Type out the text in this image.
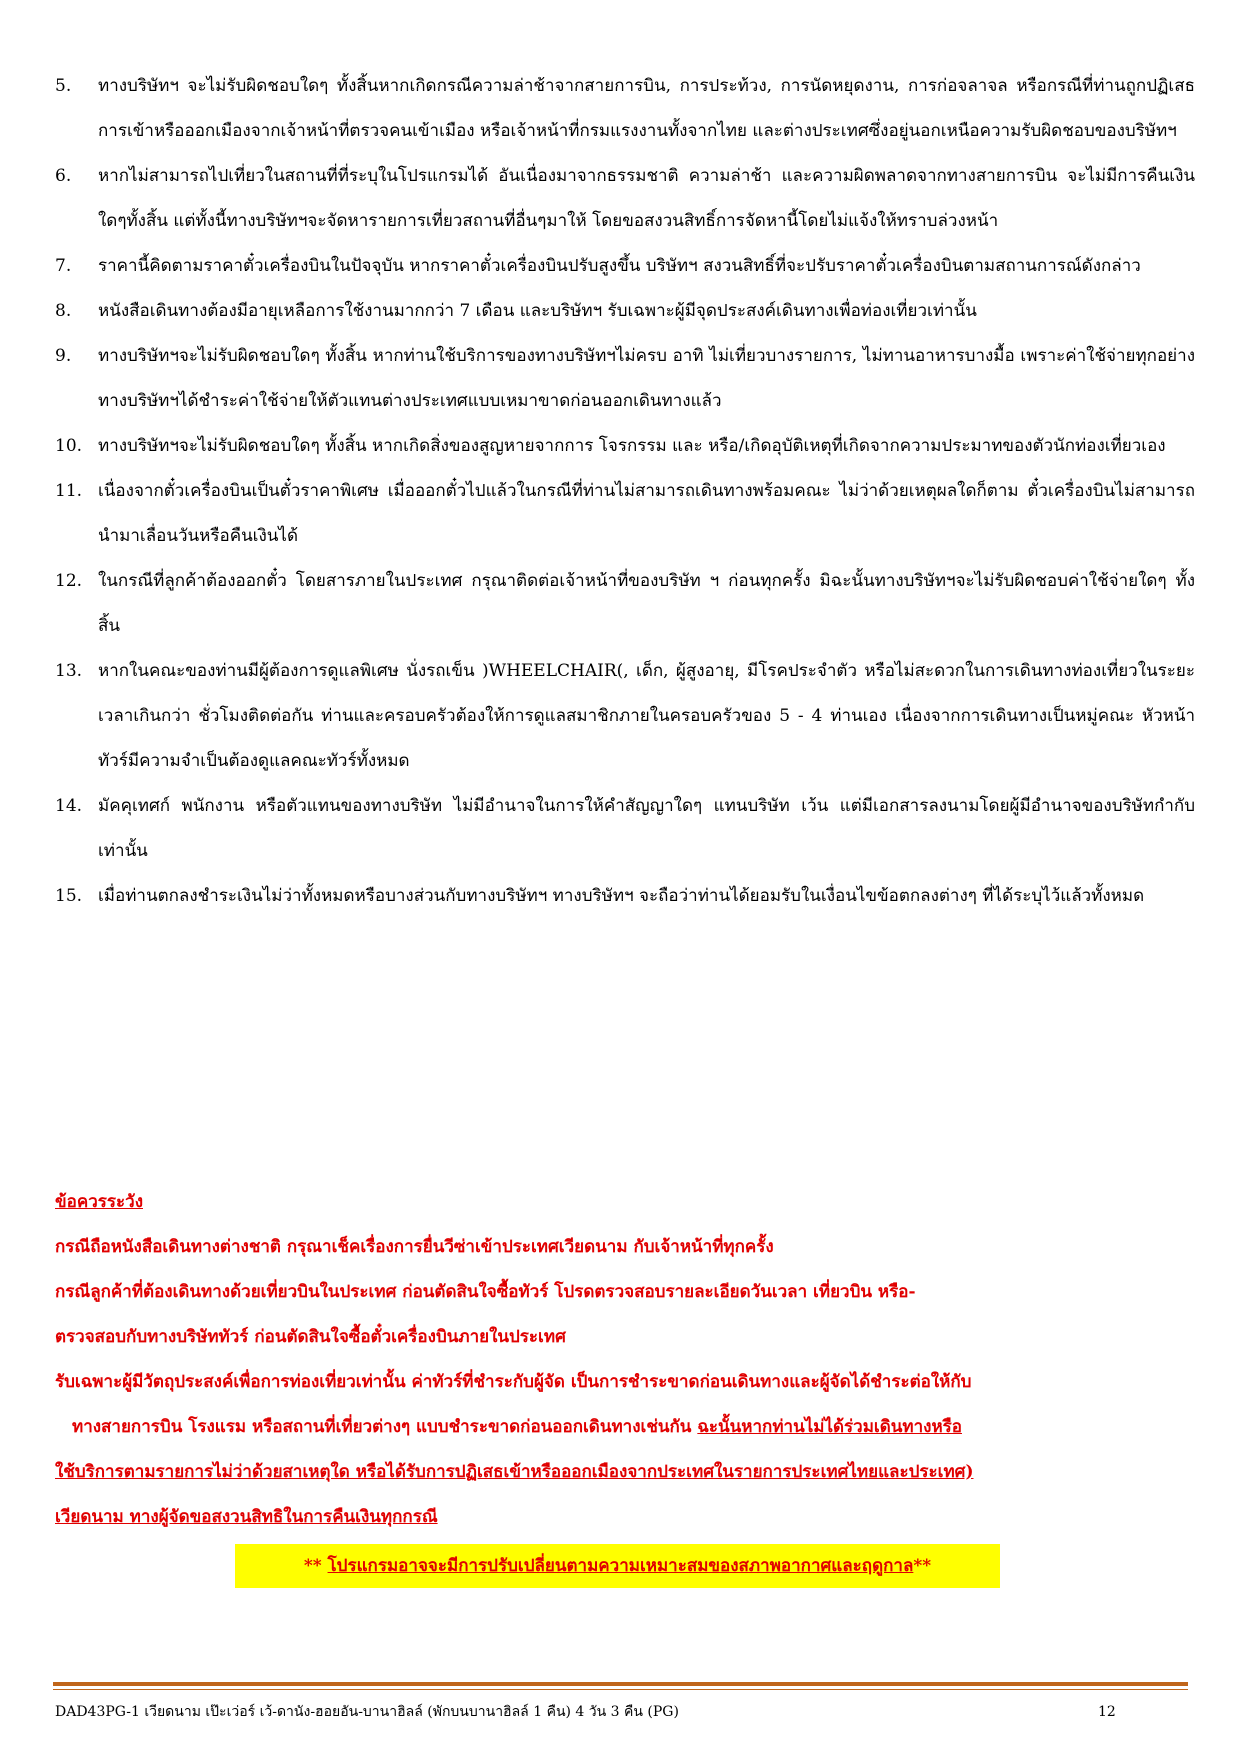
5.	ทางบริษัทฯ จะไม่รับผิดชอบใดๆ ทั้งสิ้นหากเกิดกรณีความล่าช้าจากสายการบิน, การประท้วง, การนัดหยุดงาน, การก่อจลาจล หรือกรณีที่ท่านถูกปฏิเสธ การเข้าหรือออกเมืองจากเจ้าหน้าที่ตรวจคนเข้าเมือง หรือเจ้าหน้าที่กรมแรงงานทั้งจากไทย และต่างประเทศซึ่งอยู่นอกเหนือความรับผิดชอบของบริษัทฯ
6.	หากไม่สามารถไปเที่ยวในสถานที่ที่ระบุในโปรแกรมได้ อันเนื่องมาจากธรรมชาติ ความล่าช้า และความผิดพลาดจากทางสายการบิน จะไม่มีการคืนเงินใดๆทั้งสิ้น แต่ทั้งนี้ทางบริษัทฯจะจัดหารายการเที่ยวสถานที่อื่นๆมาให้ โดยขอสงวนสิทธิ์การจัดหานี้โดยไม่แจ้งให้ทราบล่วงหน้า
7.	ราคานี้คิดตามราคาตั๋วเครื่องบินในปัจจุบัน หากราคาตั๋วเครื่องบินปรับสูงขึ้น บริษัทฯ สงวนสิทธิ์ที่จะปรับราคาตั๋วเครื่องบินตามสถานการณ์ดังกล่าว
8.	หนังสือเดินทางต้องมีอายุเหลือการใช้งานมากกว่า 7 เดือน และบริษัทฯ รับเฉพาะผู้มีจุดประสงค์เดินทางเพื่อท่องเที่ยวเท่านั้น
9.	ทางบริษัทฯจะไม่รับผิดชอบใดๆ ทั้งสิ้น หากท่านใช้บริการของทางบริษัทฯไม่ครบ อาทิ ไม่เที่ยวบางรายการ, ไม่ทานอาหารบางมื้อ เพราะค่าใช้จ่ายทุกอย่าง ทางบริษัทฯได้ชำระค่าใช้จ่ายให้ตัวแทนต่างประเทศแบบเหมาขาดก่อนออกเดินทางแล้ว
10. ทางบริษัทฯจะไม่รับผิดชอบใดๆ ทั้งสิ้น หากเกิดสิ่งของสูญหายจากการ โจรกรรม และ หรือ/เกิดอุบัติเหตุที่เกิดจากความประมาทของตัวนักท่องเที่ยวเอง
11. เนื่องจากตั๋วเครื่องบินเป็นตั๋วราคาพิเศษ เมื่อออกตั๋วไปแล้วในกรณีที่ท่านไม่สามารถเดินทางพร้อมคณะ ไม่ว่าด้วยเหตุผลใดก็ตาม ตั๋วเครื่องบินไม่สามารถนำมาเลื่อนวันหรือคืนเงินได้
12. ในกรณีที่ลูกค้าต้องออกตั๋ว โดยสารภายในประเทศ กรุณาติดต่อเจ้าหน้าที่ของบริษัท ฯ ก่อนทุกครั้ง มิฉะนั้นทางบริษัทฯจะไม่รับผิดชอบค่าใช้จ่ายใดๆ ทั้งสิ้น
13. หากในคณะของท่านมีผู้ต้องการดูแลพิเศษ นั่งรถเข็น )WHEELCHAIR(, เด็ก, ผู้สูงอายุ, มีโรคประจำตัว หรือไม่สะดวกในการเดินทางท่องเที่ยวในระยะเวลาเกินกว่า ชั่วโมงติดต่อกัน ท่านและครอบครัวต้องให้การดูแลสมาชิกภายในครอบครัวของ 5 - 4 ท่านเอง เนื่องจากการเดินทางเป็นหมู่คณะ หัวหน้าทัวร์มีความจำเป็นต้องดูแลคณะทัวร์ทั้งหมด
14. มัคคุเทศก์ พนักงาน หรือตัวแทนของทางบริษัท ไม่มีอำนาจในการให้คำสัญญาใดๆ แทนบริษัท เว้น แต่มีเอกสารลงนามโดยผู้มีอำนาจของบริษัทกำกับเท่านั้น
15. เมื่อท่านตกลงชำระเงินไม่ว่าทั้งหมดหรือบางส่วนกับทางบริษัทฯ ทางบริษัทฯ จะถือว่าท่านได้ยอมรับในเงื่อนไขข้อตกลงต่างๆ ที่ได้ระบุไว้แล้วทั้งหมด

ข้อควรระวัง

กรณีถือหนังสือเดินทางต่างชาติ กรุณาเช็คเรื่องการยื่นวีซ่าเข้าประเทศเวียดนาม กับเจ้าหน้าที่ทุกครั้ง

กรณีลูกค้าที่ต้องเดินทางด้วยเที่ยวบินในประเทศ ก่อนตัดสินใจซื้อทัวร์ โปรดตรวจสอบรายละเอียดวันเวลา เที่ยวบิน หรือ-

ตรวจสอบกับทางบริษัททัวร์ ก่อนตัดสินใจซื้อตั๋วเครื่องบินภายในประเทศ

รับเฉพาะผู้มีวัตถุประสงค์เพื่อการท่องเที่ยวเท่านั้น ค่าทัวร์ที่ชำระกับผู้จัด เป็นการชำระขาดก่อนเดินทางและผู้จัดได้ชำระต่อให้กับ

ทางสายการบิน โรงแรม หรือสถานที่เที่ยวต่างๆ แบบชำระขาดก่อนออกเดินทางเช่นกัน ฉะนั้นหากท่านไม่ได้ร่วมเดินทางหรือ

ใช้บริการตามรายการไม่ว่าด้วยสาเหตุใด หรือได้รับการปฏิเสธเข้าหรือออกเมืองจากประเทศในรายการประเทศไทยและประเทศ)

เวียดนาม ทางผู้จัดขอสงวนสิทธิในการคืนเงินทุกกรณี

** โปรแกรมอาจจะมีการปรับเปลี่ยนตามความเหมาะสมของสภาพอากาศและฤดูกาล**
DAD43PG-1 เวียดนาม เป๊ะเว่อร์ เว้-ดานัง-ฮอยอัน-บานาฮิลล์ (พักบนบานาฮิลล์ 1 คืน) 4 วัน 3 คืน (PG)	12
